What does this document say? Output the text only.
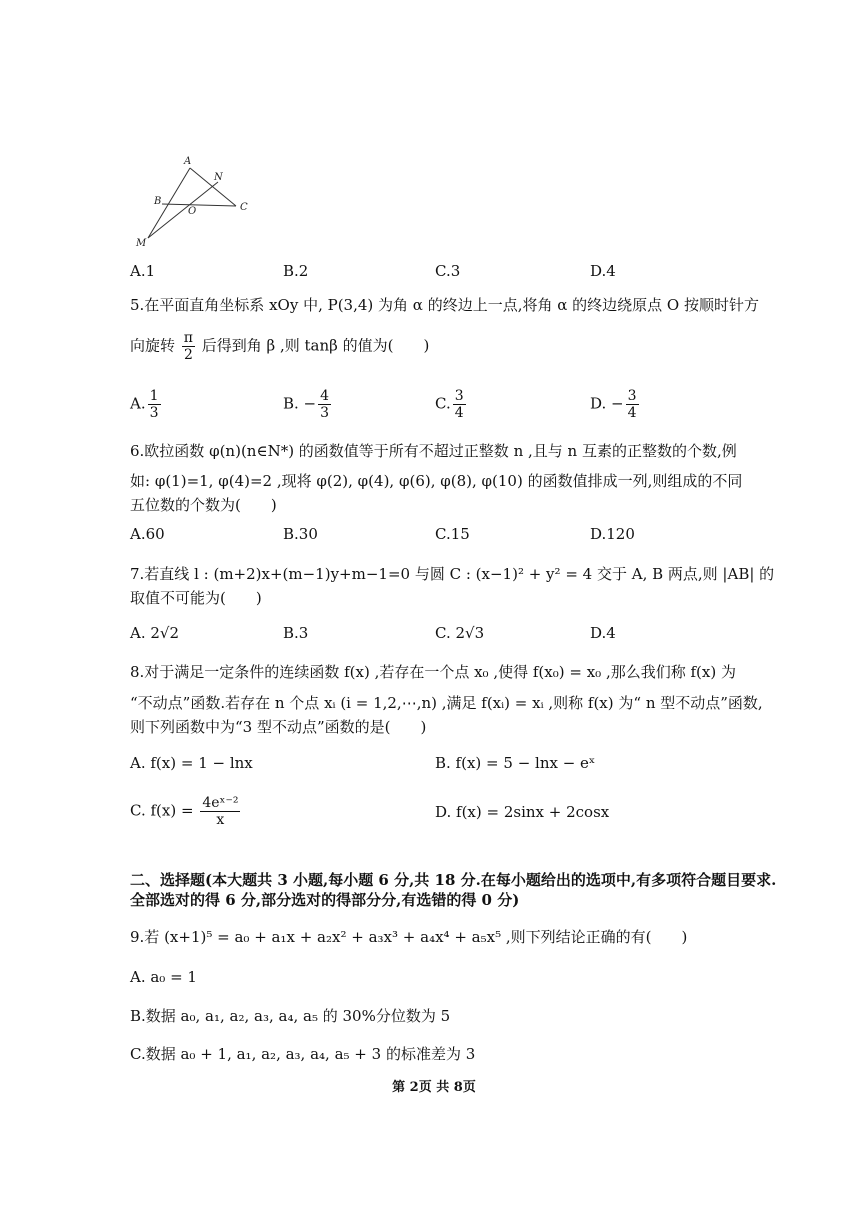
A
N
B
O	C
M
A.1	B.2	C.3	D.4
5.在平面直角坐标系 xOy 中, P(3,4) 为角 α 的终边上一点,将角 α 的终边绕原点 O 按顺时针方
向旋转 $\frac{\pi}{2}$ 后得到角 β ,则 tanβ 的值为(　　)
A. $\frac{1}{3}$	B. − $\frac{4}{3}$	C. $\frac{3}{4}$	D. − $\frac{3}{4}$
6.欧拉函数 φ(n)(n∈N*) 的函数值等于所有不超过正整数 n ,且与 n 互素的正整数的个数,例
如: φ(1)=1, φ(4)=2 ,现将 φ(2), φ(4), φ(6), φ(8), φ(10) 的函数值排成一列,则组成的不同
五位数的个数为(　　)
A.60	B.30	C.15	D.120
7.若直线 l : (m+2)x+(m−1)y+m−1=0 与圆 C : (x−1)² + y² = 4 交于 A, B 两点,则 |AB| 的
取值不可能为(　　)
A. 2√2	B.3	C. 2√3	D.4
8.对于满足一定条件的连续函数 f(x) ,若存在一个点 x₀ ,使得 f(x₀) = x₀ ,那么我们称 f(x) 为
“不动点”函数.若存在 n 个点 xᵢ (i = 1,2,⋯,n) ,满足 f(xᵢ) = xᵢ ,则称 f(x) 为“ n 型不动点”函数,
则下列函数中为“3 型不动点”函数的是(　　)
A. f(x) = 1 − lnx	B. f(x) = 5 − lnx − eˣ
C. $f(x) = \frac{\text{4eˣ⁻²}}{x}$	D. f(x) = 2sinx + 2cosx
二、选择题(本大题共 3 小题,每小题 6 分,共 18 分.在每小题给出的选项中,有多项符合题目要求.
全部选对的得 6 分,部分选对的得部分分,有选错的得 0 分)
9.若 (x+1)⁵ = a₀ + a₁x + a₂x² + a₃x³ + a₄x⁴ + a₅x⁵ ,则下列结论正确的有(　　)
A. a₀ = 1
B.数据 a₀, a₁, a₂, a₃, a₄, a₅ 的 30%分位数为 5
C.数据 a₀ + 1, a₁, a₂, a₃, a₄, a₅ + 3 的标准差为 3
第 2页 共 8页
